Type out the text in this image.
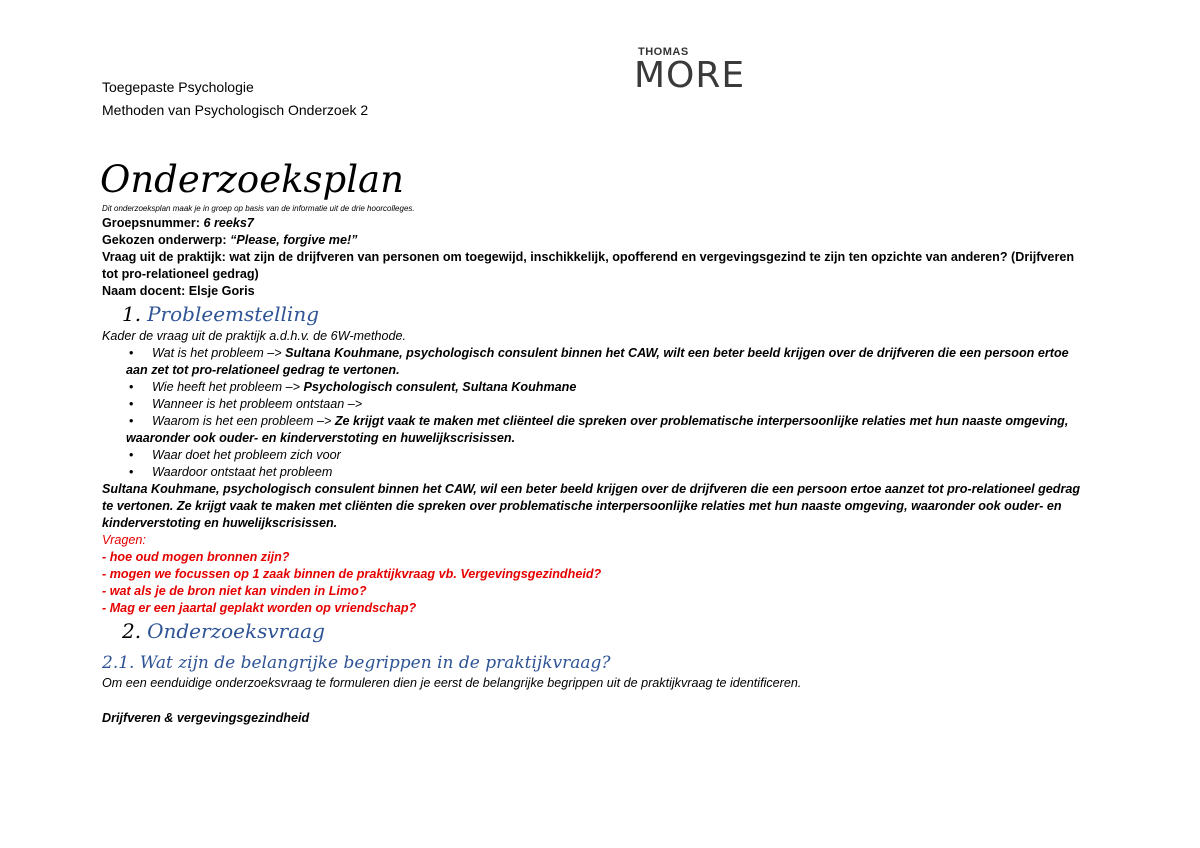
Toegepaste Psychologie
Methoden van Psychologisch Onderzoek 2
THOMAS
MORE
Onderzoeksplan
Dit onderzoeksplan maak je in groep op basis van de informatie uit de drie hoorcolleges.
Groepsnummer: 6 reeks7
Gekozen onderwerp: “Please, forgive me!”
Vraag uit de praktijk: wat zijn de drijfveren van personen om toegewijd, inschikkelijk, opofferend en vergevingsgezind te zijn ten opzichte van anderen? (Drijfveren tot pro-relationeel gedrag)
Naam docent: Elsje Goris
1. Probleemstelling
Kader de vraag uit de praktijk a.d.h.v. de 6W-methode.
• Wat is het probleem –> Sultana Kouhmane, psychologisch consulent binnen het CAW, wilt een beter beeld krijgen over de drijfveren die een persoon ertoe aan zet tot pro-relationeel gedrag te vertonen.
• Wie heeft het probleem –> Psychologisch consulent, Sultana Kouhmane
• Wanneer is het probleem ontstaan –>
• Waarom is het een probleem –> Ze krijgt vaak te maken met cliënteel die spreken over problematische interpersoonlijke relaties met hun naaste omgeving, waaronder ook ouder- en kinderverstoting en huwelijkscrisissen.
• Waar doet het probleem zich voor
• Waardoor ontstaat het probleem
Sultana Kouhmane, psychologisch consulent binnen het CAW, wil een beter beeld krijgen over de drijfveren die een persoon ertoe aanzet tot pro-relationeel gedrag te vertonen. Ze krijgt vaak te maken met cliënten die spreken over problematische interpersoonlijke relaties met hun naaste omgeving, waaronder ook ouder- en kinderverstoting en huwelijkscrisissen.
Vragen:
- hoe oud mogen bronnen zijn?
- mogen we focussen op 1 zaak binnen de praktijkvraag vb. Vergevingsgezindheid?
- wat als je de bron niet kan vinden in Limo?
- Mag er een jaartal geplakt worden op vriendschap?
2. Onderzoeksvraag
2.1. Wat zijn de belangrijke begrippen in de praktijkvraag?
Om een eenduidige onderzoeksvraag te formuleren dien je eerst de belangrijke begrippen uit de praktijkvraag te identificeren.
Drijfveren & vergevingsgezindheid
